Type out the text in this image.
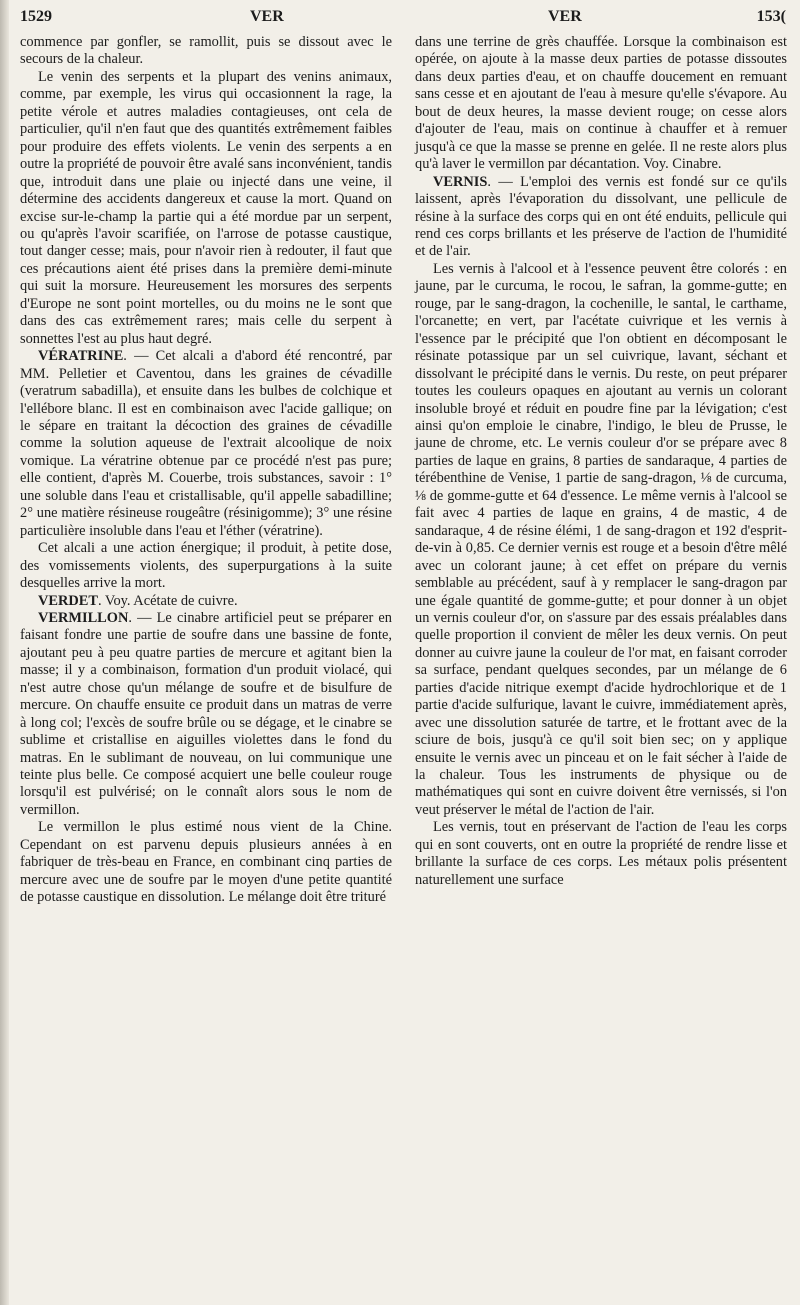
1529	VER	VER	153(

commence par gonfler, se ramollit, puis se dissout avec le secours de la chaleur.

Le venin des serpents et la plupart des venins animaux, comme, par exemple, les virus qui occasionnent la rage, la petite vérole et autres maladies contagieuses, ont cela de particulier, qu'il n'en faut que des quantités extrêmement faibles pour produire des effets violents. Le venin des serpents a en outre la propriété de pouvoir être avalé sans inconvénient, tandis que, introduit dans une plaie ou injecté dans une veine, il détermine des accidents dangereux et cause la mort. Quand on excise sur-le-champ la partie qui a été mordue par un serpent, ou qu'après l'avoir scarifiée, on l'arrose de potasse caustique, tout danger cesse; mais, pour n'avoir rien à redouter, il faut que ces précautions aient été prises dans la première demi-minute qui suit la morsure. Heureusement les morsures des serpents d'Europe ne sont point mortelles, ou du moins ne le sont que dans des cas extrêmement rares; mais celle du serpent à sonnettes l'est au plus haut degré.

VÉRATRINE. — Cet alcali a d'abord été rencontré, par MM. Pelletier et Caventou, dans les graines de cévadille (veratrum sabadilla), et ensuite dans les bulbes de colchique et l'ellébore blanc. Il est en combinaison avec l'acide gallique; on le sépare en traitant la décoction des graines de cévadille comme la solution aqueuse de l'extrait alcoolique de noix vomique. La vératrine obtenue par ce procédé n'est pas pure; elle contient, d'après M. Couerbe, trois substances, savoir : 1° une soluble dans l'eau et cristallisable, qu'il appelle sabadilline; 2° une matière résineuse rougeâtre (résinigomme); 3° une résine particulière insoluble dans l'eau et l'éther (vératrine).

Cet alcali a une action énergique; il produit, à petite dose, des vomissements violents, des superpurgations à la suite desquelles arrive la mort.

VERDET. Voy. Acétate de cuivre.

VERMILLON. — Le cinabre artificiel peut se préparer en faisant fondre une partie de soufre dans une bassine de fonte, ajoutant peu à peu quatre parties de mercure et agitant bien la masse; il y a combinaison, formation d'un produit violacé, qui n'est autre chose qu'un mélange de soufre et de bisulfure de mercure. On chauffe ensuite ce produit dans un matras de verre à long col; l'excès de soufre brûle ou se dégage, et le cinabre se sublime et cristallise en aiguilles violettes dans le fond du matras. En le sublimant de nouveau, on lui communique une teinte plus belle. Ce composé acquiert une belle couleur rouge lorsqu'il est pulvérisé; on le connaît alors sous le nom de vermillon.

Le vermillon le plus estimé nous vient de la Chine. Cependant on est parvenu depuis plusieurs années à en fabriquer de très-beau en France, en combinant cinq parties de mercure avec une de soufre par le moyen d'une petite quantité de potasse caustique en dissolution. Le mélange doit être trituré

dans une terrine de grès chauffée. Lorsque la combinaison est opérée, on ajoute à la masse deux parties de potasse dissoutes dans deux parties d'eau, et on chauffe doucement en remuant sans cesse et en ajoutant de l'eau à mesure qu'elle s'évapore. Au bout de deux heures, la masse devient rouge; on cesse alors d'ajouter de l'eau, mais on continue à chauffer et à remuer jusqu'à ce que la masse se prenne en gelée. Il ne reste alors plus qu'à laver le vermillon par décantation. Voy. Cinabre.

VERNIS. — L'emploi des vernis est fondé sur ce qu'ils laissent, après l'évaporation du dissolvant, une pellicule de résine à la surface des corps qui en ont été enduits, pellicule qui rend ces corps brillants et les préserve de l'action de l'humidité et de l'air.

Les vernis à l'alcool et à l'essence peuvent être colorés : en jaune, par le curcuma, le rocou, le safran, la gomme-gutte; en rouge, par le sang-dragon, la cochenille, le santal, le carthame, l'orcanette; en vert, par l'acétate cuivrique et les vernis à l'essence par le précipité que l'on obtient en décomposant le résinate potassique par un sel cuivrique, lavant, séchant et dissolvant le précipité dans le vernis. Du reste, on peut préparer toutes les couleurs opaques en ajoutant au vernis un colorant insoluble broyé et réduit en poudre fine par la lévigation; c'est ainsi qu'on emploie le cinabre, l'indigo, le bleu de Prusse, le jaune de chrome, etc. Le vernis couleur d'or se prépare avec 8 parties de laque en grains, 8 parties de sandaraque, 4 parties de térébenthine de Venise, 1 partie de sang-dragon, ⅛ de curcuma, ⅛ de gomme-gutte et 64 d'essence. Le même vernis à l'alcool se fait avec 4 parties de laque en grains, 4 de mastic, 4 de sandaraque, 4 de résine élémi, 1 de sang-dragon et 192 d'esprit-de-vin à 0,85. Ce dernier vernis est rouge et a besoin d'être mêlé avec un colorant jaune; à cet effet on prépare du vernis semblable au précédent, sauf à y remplacer le sang-dragon par une égale quantité de gomme-gutte; et pour donner à un objet un vernis couleur d'or, on s'assure par des essais préalables dans quelle proportion il convient de mêler les deux vernis. On peut donner au cuivre jaune la couleur de l'or mat, en faisant corroder sa surface, pendant quelques secondes, par un mélange de 6 parties d'acide nitrique exempt d'acide hydrochlorique et de 1 partie d'acide sulfurique, lavant le cuivre, immédiatement après, avec une dissolution saturée de tartre, et le frottant avec de la sciure de bois, jusqu'à ce qu'il soit bien sec; on y applique ensuite le vernis avec un pinceau et on le fait sécher à l'aide de la chaleur. Tous les instruments de physique ou de mathématiques qui sont en cuivre doivent être vernissés, si l'on veut préserver le métal de l'action de l'air.

Les vernis, tout en préservant de l'action de l'eau les corps qui en sont couverts, ont en outre la propriété de rendre lisse et brillante la surface de ces corps. Les métaux polis présentent naturellement une surface
